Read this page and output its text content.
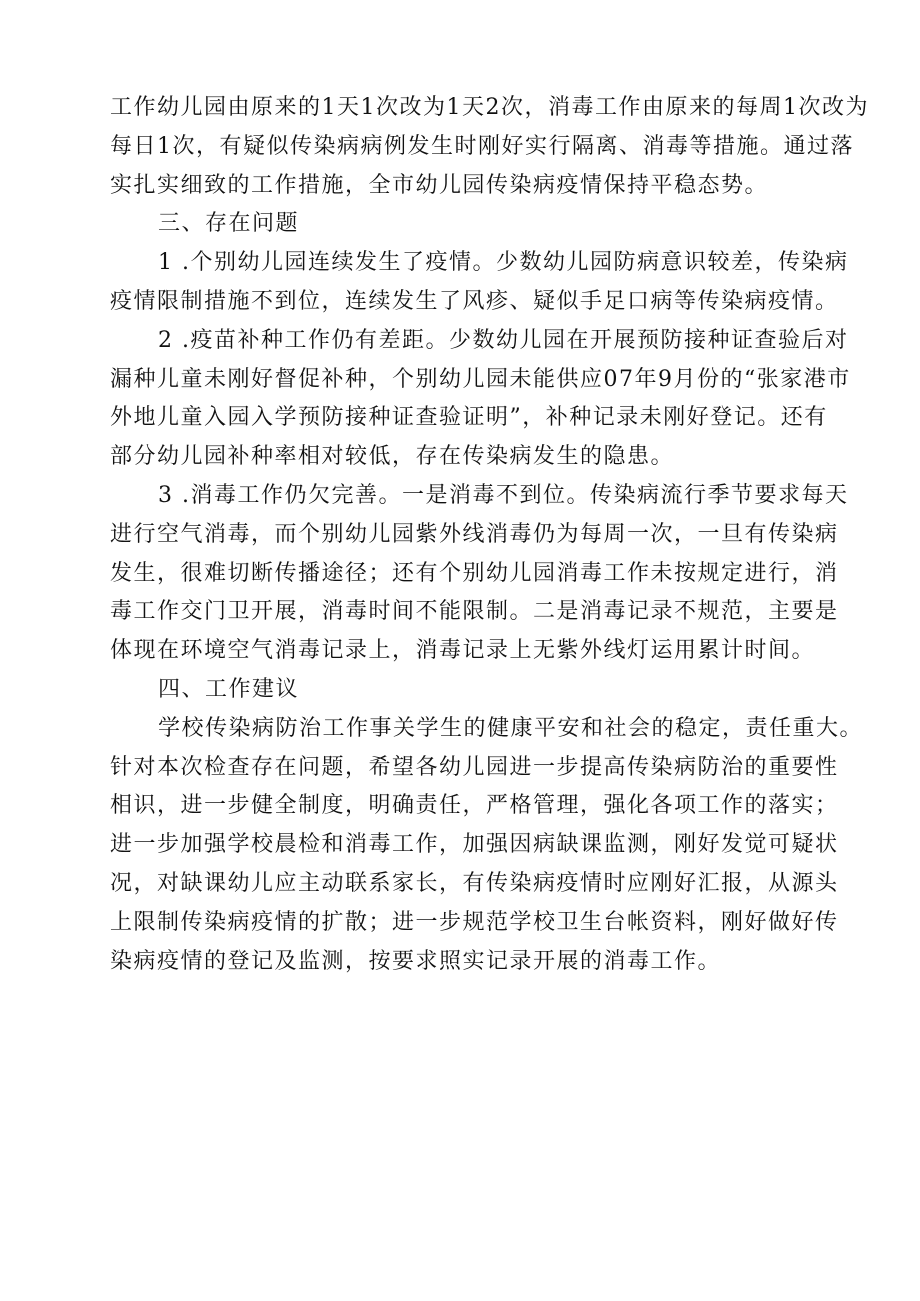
工作幼儿园由原来的1天1次改为1天2次，消毒工作由原来的每周1次改为
每日1次，有疑似传染病病例发生时刚好实行隔离、消毒等措施。通过落
实扎实细致的工作措施，全市幼儿园传染病疫情保持平稳态势。
三、存在问题
1 .个别幼儿园连续发生了疫情。少数幼儿园防病意识较差，传染病
疫情限制措施不到位，连续发生了风疹、疑似手足口病等传染病疫情。
2 .疫苗补种工作仍有差距。少数幼儿园在开展预防接种证查验后对
漏种儿童未刚好督促补种，个别幼儿园未能供应07年9月份的“张家港市
外地儿童入园入学预防接种证查验证明”，补种记录未刚好登记。还有
部分幼儿园补种率相对较低，存在传染病发生的隐患。
3 .消毒工作仍欠完善。一是消毒不到位。传染病流行季节要求每天
进行空气消毒，而个别幼儿园紫外线消毒仍为每周一次，一旦有传染病
发生，很难切断传播途径；还有个别幼儿园消毒工作未按规定进行，消
毒工作交门卫开展，消毒时间不能限制。二是消毒记录不规范，主要是
体现在环境空气消毒记录上，消毒记录上无紫外线灯运用累计时间。
四、工作建议
学校传染病防治工作事关学生的健康平安和社会的稳定，责任重大。
针对本次检查存在问题，希望各幼儿园进一步提高传染病防治的重要性
相识，进一步健全制度，明确责任，严格管理，强化各项工作的落实；
进一步加强学校晨检和消毒工作，加强因病缺课监测，刚好发觉可疑状
况，对缺课幼儿应主动联系家长，有传染病疫情时应刚好汇报，从源头
上限制传染病疫情的扩散；进一步规范学校卫生台帐资料，刚好做好传
染病疫情的登记及监测，按要求照实记录开展的消毒工作。
